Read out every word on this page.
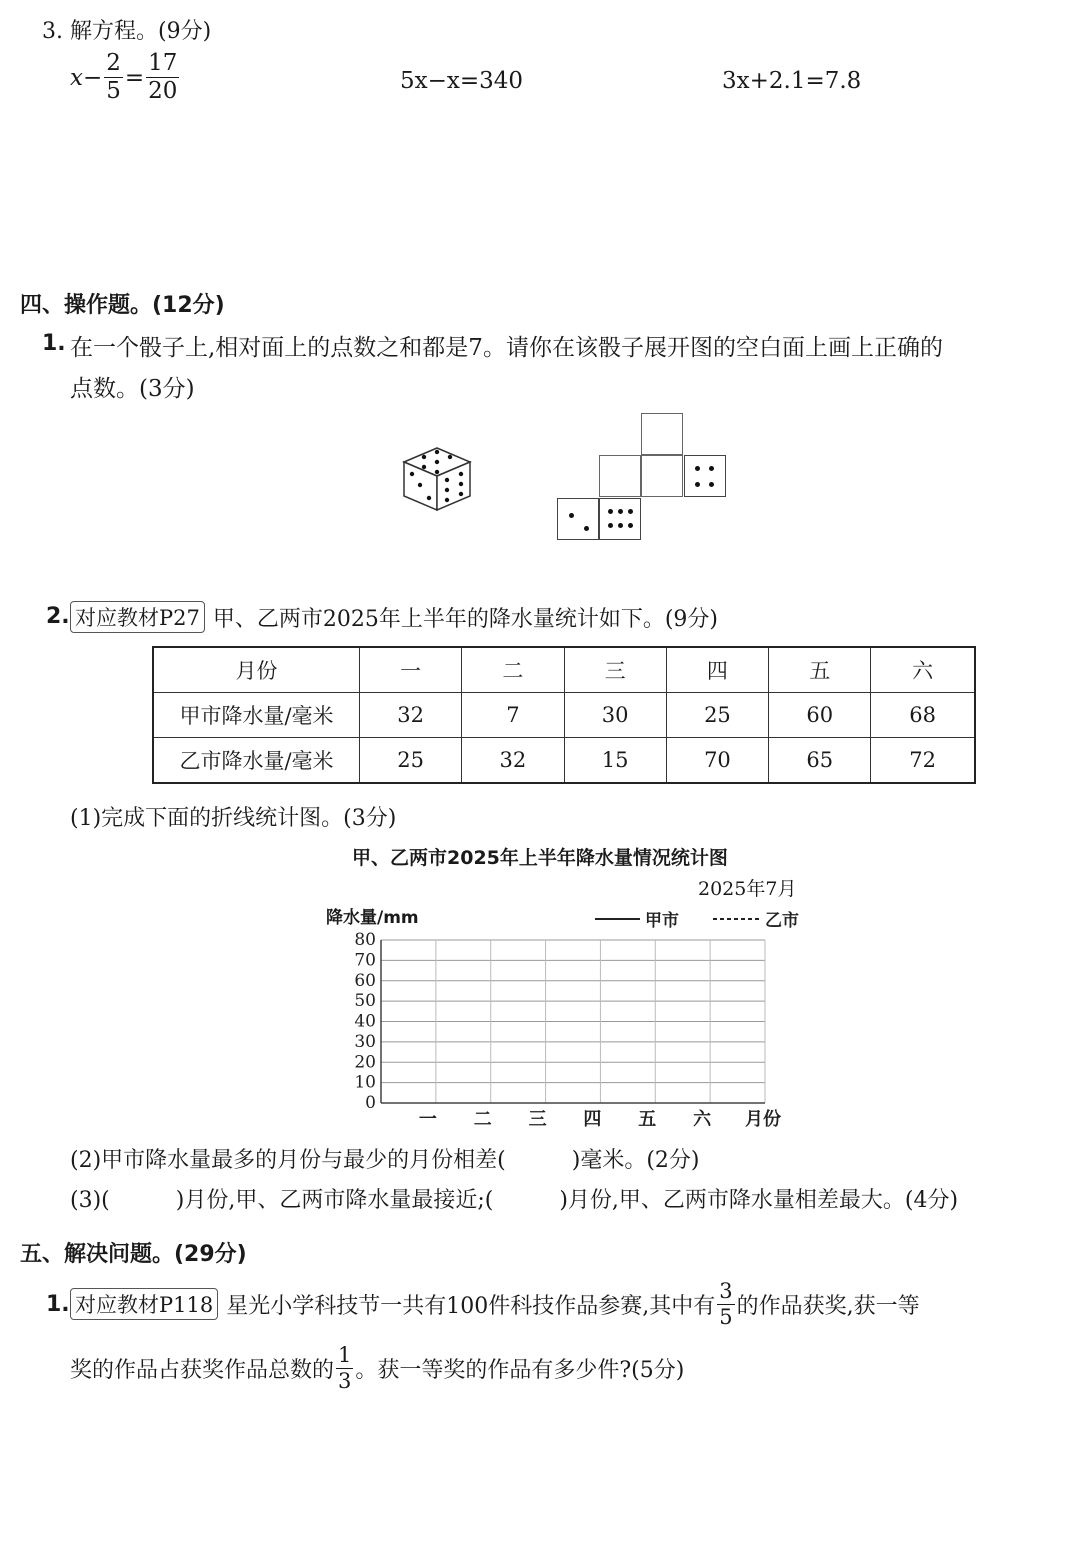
3. 解方程。(9分)
$x- \frac{2}{5} = \frac{17}{20}$	5x−x=340	3x+2.1=7.8
四、操作题。(12分)
1. 在一个骰子上,相对面上的点数之和都是7。请你在该骰子展开图的空白面上画上正确的
点数。(3分)
2. 对应教材P27 甲、乙两市2025年上半年的降水量统计如下。(9分)
月份	一	二	三	四	五	六
甲市降水量/毫米	32	7	30	25	60	68
乙市降水量/毫米	25	32	15	70	65	72
(1)完成下面的折线统计图。(3分)
甲、乙两市2025年上半年降水量情况统计图
2025年7月
降水量/mm
80
70
60
50
40
30
20
10
0
一 二 三 四 五 六 月份
甲市	乙市
(2)甲市降水量最多的月份与最少的月份相差(　　　)毫米。(2分)
(3)(　　　)月份,甲、乙两市降水量最接近;(　　　)月份,甲、乙两市降水量相差最大。(4分)
五、解决问题。(29分)
1. 对应教材P118 星光小学科技节一共有100件科技作品参赛,其中有 $\frac{3}{5}$ 的作品获奖,获一等
奖的作品占获奖作品总数的 $\frac{1}{3}$ 。获一等奖的作品有多少件?(5分)
